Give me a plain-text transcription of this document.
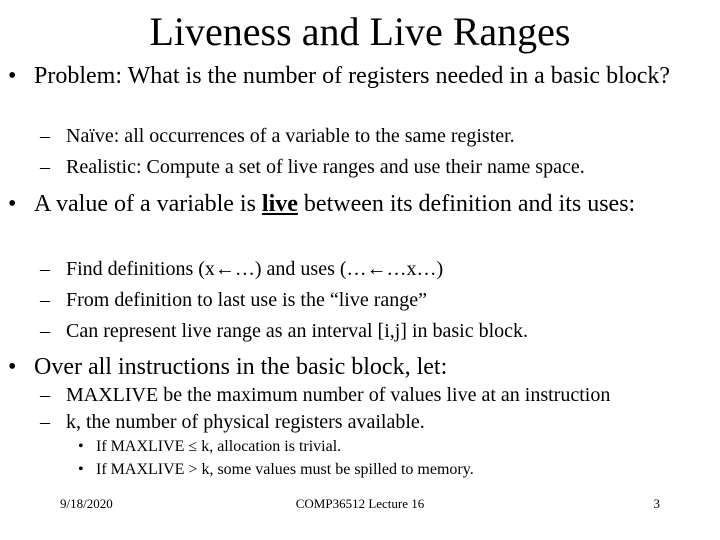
Liveness and Live Ranges
• Problem: What is the number of registers needed in a basic block?
– Naïve: all occurrences of a variable to the same register.
– Realistic: Compute a set of live ranges and use their name space.
• A value of a variable is live between its definition and its uses:
– Find definitions (x←…) and uses (…←…x…)
– From definition to last use is the “live range”
– Can represent live range as an interval [i,j] in basic block.
• Over all instructions in the basic block, let:
– MAXLIVE be the maximum number of values live at an instruction
– k, the number of physical registers available.
• If MAXLIVE ≤ k, allocation is trivial.
• If MAXLIVE > k, some values must be spilled to memory.
9/18/2020	COMP36512 Lecture 16	3
